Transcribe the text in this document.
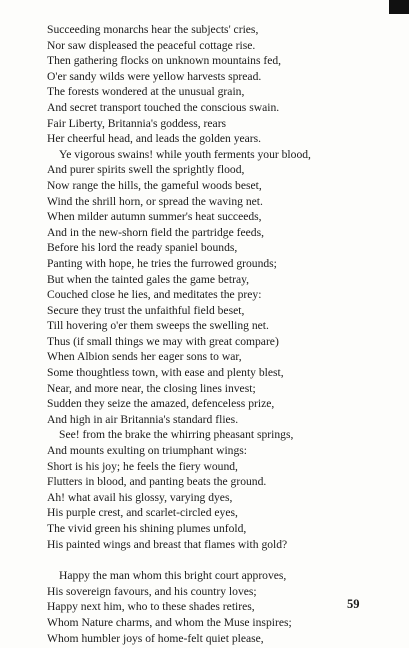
Succeeding monarchs hear the subjects' cries,
Nor saw displeased the peaceful cottage rise.
Then gathering flocks on unknown mountains fed,
O'er sandy wilds were yellow harvests spread.
The forests wondered at the unusual grain,
And secret transport touched the conscious swain.
Fair Liberty, Britannia's goddess, rears
Her cheerful head, and leads the golden years.
Ye vigorous swains! while youth ferments your blood,
And purer spirits swell the sprightly flood,
Now range the hills, the gameful woods beset,
Wind the shrill horn, or spread the waving net.
When milder autumn summer's heat succeeds,
And in the new-shorn field the partridge feeds,
Before his lord the ready spaniel bounds,
Panting with hope, he tries the furrowed grounds;
But when the tainted gales the game betray,
Couched close he lies, and meditates the prey:
Secure they trust the unfaithful field beset,
Till hovering o'er them sweeps the swelling net.
Thus (if small things we may with great compare)
When Albion sends her eager sons to war,
Some thoughtless town, with ease and plenty blest,
Near, and more near, the closing lines invest;
Sudden they seize the amazed, defenceless prize,
And high in air Britannia's standard flies.
See! from the brake the whirring pheasant springs,
And mounts exulting on triumphant wings:
Short is his joy; he feels the fiery wound,
Flutters in blood, and panting beats the ground.
Ah! what avail his glossy, varying dyes,
His purple crest, and scarlet-circled eyes,
The vivid green his shining plumes unfold,
His painted wings and breast that flames with gold?
Happy the man whom this bright court approves,
His sovereign favours, and his country loves;
Happy next him, who to these shades retires,
Whom Nature charms, and whom the Muse inspires;
Whom humbler joys of home-felt quiet please,
59
